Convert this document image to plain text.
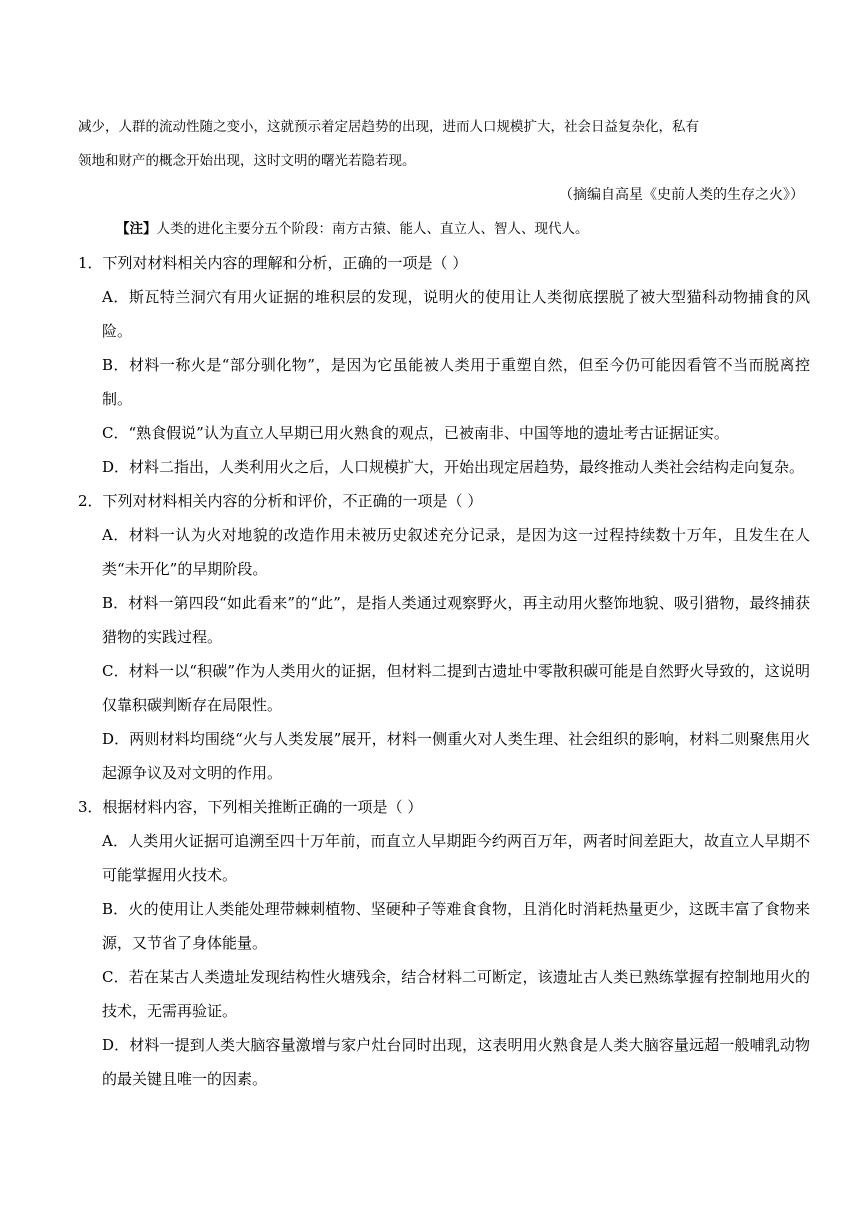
减少，人群的流动性随之变小，这就预示着定居趋势的出现，进而人口规模扩大，社会日益复杂化，私有

领地和财产的概念开始出现，这时文明的曙光若隐若现。

（摘编自高星《史前人类的生存之火》）

【注】人类的进化主要分五个阶段：南方古猿、能人、直立人、智人、现代人。

1．下列对材料相关内容的理解和分析，正确的一项是（ ）

A．斯瓦特兰洞穴有用火证据的堆积层的发现，说明火的使用让人类彻底摆脱了被大型猫科动物捕食的风险。

B．材料一称火是“部分驯化物”，是因为它虽能被人类用于重塑自然，但至今仍可能因看管不当而脱离控制。

C．“熟食假说”认为直立人早期已用火熟食的观点，已被南非、中国等地的遗址考古证据证实。

D．材料二指出，人类利用火之后，人口规模扩大，开始出现定居趋势，最终推动人类社会结构走向复杂。

2．下列对材料相关内容的分析和评价，不正确的一项是（ ）

A．材料一认为火对地貌的改造作用未被历史叙述充分记录，是因为这一过程持续数十万年，且发生在人类“未开化”的早期阶段。

B．材料一第四段“如此看来”的“此”，是指人类通过观察野火，再主动用火整饰地貌、吸引猎物，最终捕获猎物的实践过程。

C．材料一以“积碳”作为人类用火的证据，但材料二提到古遗址中零散积碳可能是自然野火导致的，这说明仅靠积碳判断存在局限性。

D．两则材料均围绕“火与人类发展”展开，材料一侧重火对人类生理、社会组织的影响，材料二则聚焦用火起源争议及对文明的作用。

3．根据材料内容，下列相关推断正确的一项是（ ）

A．人类用火证据可追溯至四十万年前，而直立人早期距今约两百万年，两者时间差距大，故直立人早期不可能掌握用火技术。

B．火的使用让人类能处理带棘刺植物、坚硬种子等难食食物，且消化时消耗热量更少，这既丰富了食物来源，又节省了身体能量。

C．若在某古人类遗址发现结构性火塘残余，结合材料二可断定，该遗址古人类已熟练掌握有控制地用火的技术，无需再验证。

D．材料一提到人类大脑容量激增与家户灶台同时出现，这表明用火熟食是人类大脑容量远超一般哺乳动物的最关键且唯一的因素。
